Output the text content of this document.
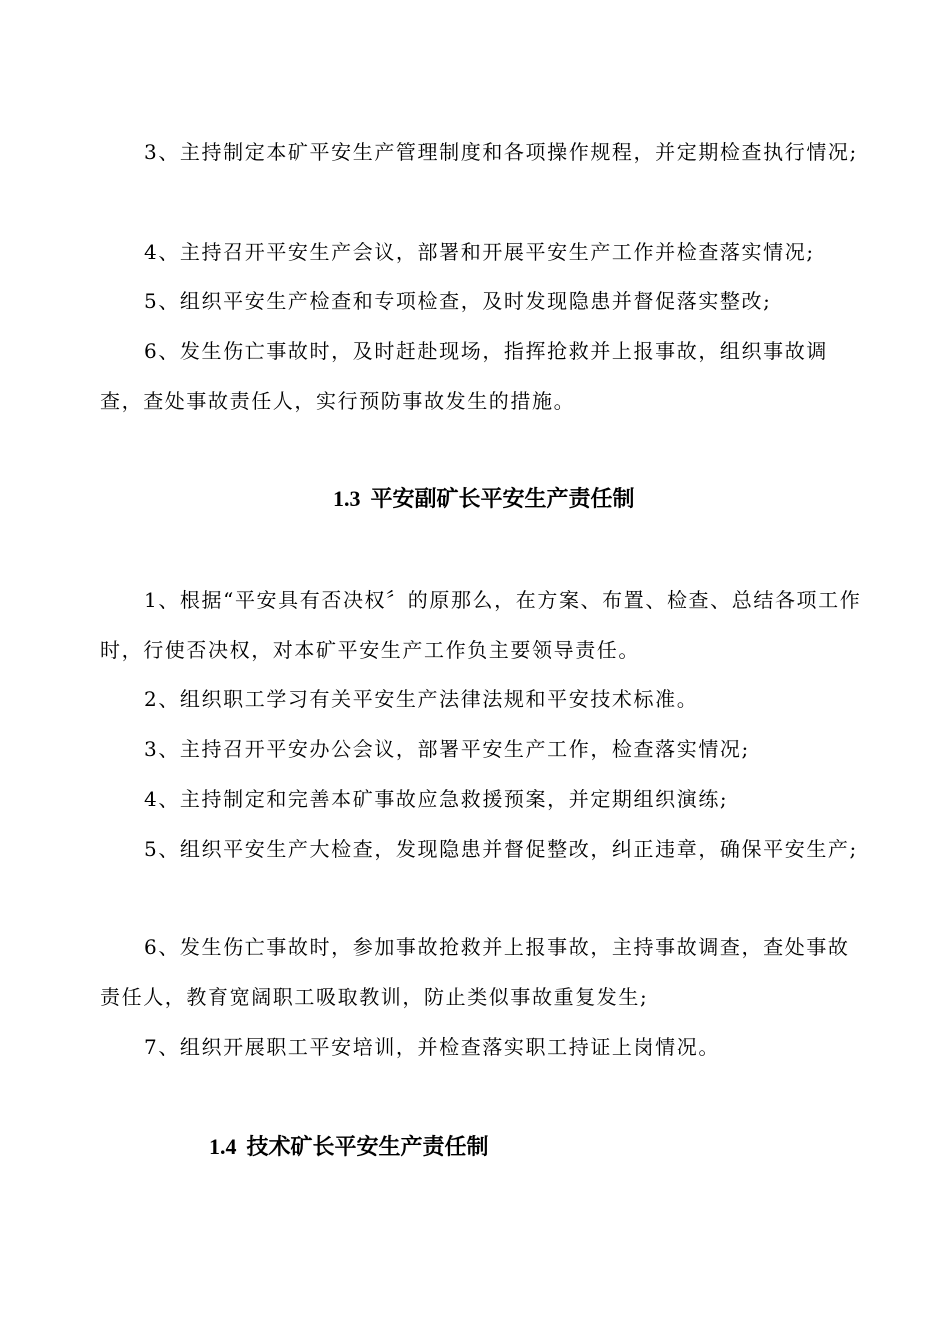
3、主持制定本矿平安生产管理制度和各项操作规程，并定期检查执行情况;

4、主持召开平安生产会议，部署和开展平安生产工作并检查落实情况;

5、组织平安生产检查和专项检查，及时发现隐患并督促落实整改;

6、发生伤亡事故时，及时赶赴现场，指挥抢救并上报事故，组织事故调查，查处事故责任人，实行预防事故发生的措施。

1.3 平安副矿长平安生产责任制

1、根据“平安具有否决权〞的原那么，在方案、布置、检查、总结各项工作时，行使否决权，对本矿平安生产工作负主要领导责任。

2、组织职工学习有关平安生产法律法规和平安技术标准。

3、主持召开平安办公会议，部署平安生产工作，检查落实情况;

4、主持制定和完善本矿事故应急救援预案，并定期组织演练;

5、组织平安生产大检查，发现隐患并督促整改，纠正违章，确保平安生产;

6、发生伤亡事故时，参加事故抢救并上报事故，主持事故调查，查处事故责任人，教育宽阔职工吸取教训，防止类似事故重复发生;

7、组织开展职工平安培训，并检查落实职工持证上岗情况。

1.4 技术矿长平安生产责任制
